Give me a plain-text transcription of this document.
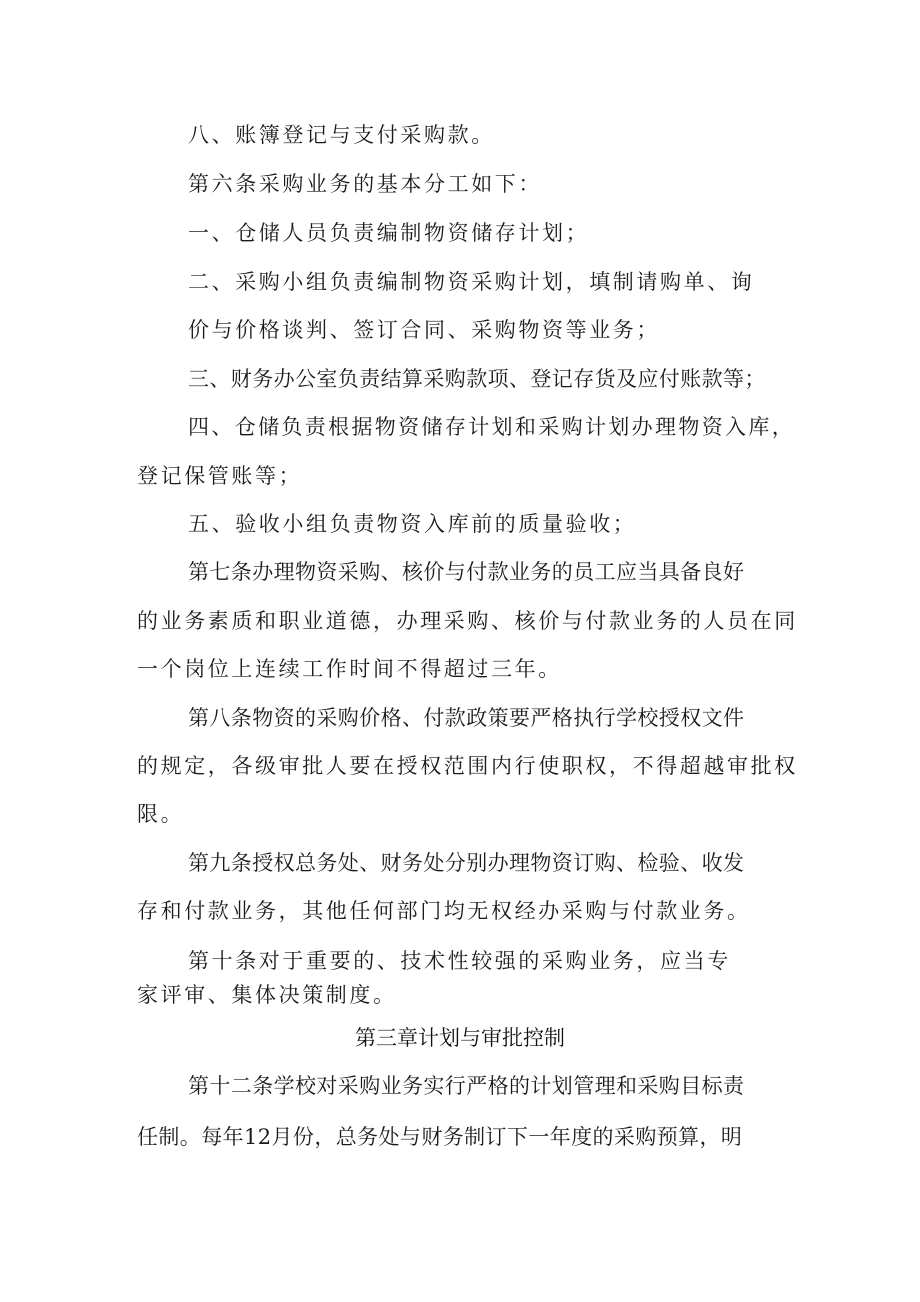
八、账簿登记与支付采购款。
第六条采购业务的基本分工如下：
一、仓储人员负责编制物资储存计划；
二、采购小组负责编制物资采购计划，填制请购单、询
价与价格谈判、签订合同、采购物资等业务；
三、财务办公室负责结算采购款项、登记存货及应付账款等；
四、仓储负责根据物资储存计划和采购计划办理物资入库，
登记保管账等；
五、验收小组负责物资入库前的质量验收；
第七条办理物资采购、核价与付款业务的员工应当具备良好
的业务素质和职业道德，办理采购、核价与付款业务的人员在同
一个岗位上连续工作时间不得超过三年。
第八条物资的采购价格、付款政策要严格执行学校授权文件
的规定，各级审批人要在授权范围内行使职权，不得超越审批权
限。
第九条授权总务处、财务处分别办理物资订购、检验、收发
存和付款业务，其他任何部门均无权经办采购与付款业务。
第十条对于重要的、技术性较强的采购业务，应当专
家评审、集体决策制度。
第三章计划与审批控制
第十二条学校对采购业务实行严格的计划管理和采购目标责
任制。每年12月份，总务处与财务制订下一年度的采购预算，明
